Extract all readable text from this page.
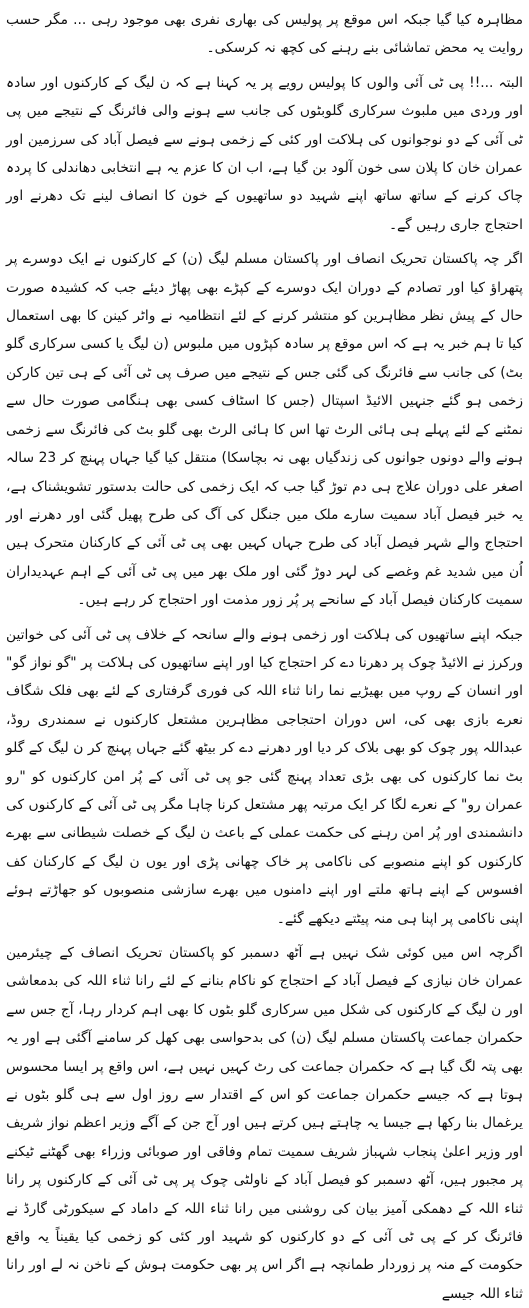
مظاہرہ کیا گیا جبکہ اس موقع پر پولیس کی بھاری نفری بھی موجود رہی ... مگر حسب روایت یہ محض تماشائی بنے رہنے کی کچھ نہ کرسکی۔

البتہ ...!! پی ٹی آئی والوں کا پولیس رویے پر یہ کہنا ہے کہ ن لیگ کے کارکنوں اور سادہ اور وردی میں ملبوث سرکاری گلوبٹوں کی جانب سے ہونے والی فائرنگ کے نتیجے میں پی ٹی آئی کے دو نوجوانوں کی ہلاکت اور کئی کے زخمی ہونے سے فیصل آباد کی سرزمین اور عمران خان کا پلان سی خون آلود بن گیا ہے، اب ان کا عزم یہ ہے انتخابی دھاندلی کا پردہ چاک کرنے کے ساتھ ساتھ اپنے شہید دو ساتھیوں کے خون کا انصاف لینے تک دھرنے اور احتجاج جاری رہیں گے۔

اگر چہ پاکستان تحریک انصاف اور پاکستان مسلم لیگ (ن) کے کارکنوں نے ایک دوسرے پر پتھراؤ کیا اور تصادم کے دوران ایک دوسرے کے کپڑے بھی پھاڑ دیئے جب کہ کشیدہ صورت حال کے پیش نظر مظاہرین کو منتشر کرنے کے لئے انتظامیہ نے واٹر کینن کا بھی استعمال کیا تا ہم خبر یہ ہے کہ اس موقع پر سادہ کپڑوں میں ملبوس (ن لیگ یا کسی سرکاری گلو بٹ) کی جانب سے فائرنگ کی گئی جس کے نتیجے میں صرف پی ٹی آئی کے ہی تین کارکن زخمی ہو گئے جنہیں الائیڈ اسپتال (جس کا اسٹاف کسی بھی ہنگامی صورت حال سے نمٹنے کے لئے پہلے ہی ہائی الرٹ تھا اس کا ہائی الرٹ بھی گلو بٹ کی فائرنگ سے زخمی ہونے والے دونوں جوانوں کی زندگیاں بھی نہ بچاسکا) منتقل کیا گیا جہاں پہنچ کر 23 سالہ اصغر علی دوران علاج ہی دم توڑ گیا جب کہ ایک زخمی کی حالت بدستور تشویشناک ہے، یہ خبر فیصل آباد سمیت سارے ملک میں جنگل کی آگ کی طرح پھیل گئی اور دھرنے اور احتجاج والے شہر فیصل آباد کی طرح جہاں کہیں بھی پی ٹی آئی کے کارکنان متحرک ہیں اُن میں شدید غم وغصے کی لہر دوڑ گئی اور ملک بھر میں پی ٹی آئی کے اہم عہدیداران سمیت کارکنان فیصل آباد کے سانحے پر پُر زور مذمت اور احتجاج کر رہے ہیں۔

جبکہ اپنے ساتھیوں کی ہلاکت اور زخمی ہونے والے سانحہ کے خلاف پی ٹی آئی کی خواتین ورکرز نے الائیڈ چوک پر دھرنا دے کر احتجاج کیا اور اپنے ساتھیوں کی ہلاکت پر "گو نواز گو" اور انسان کے روپ میں بھیڑیے نما رانا ثناء اللہ کی فوری گرفتاری کے لئے بھی فلک شگاف نعرے بازی بھی کی، اس دوران احتجاجی مظاہرین مشتعل کارکنوں نے سمندری روڈ، عبداللہ پور چوک کو بھی بلاک کر دیا اور دھرنے دے کر بیٹھ گئے جہاں پہنچ کر ن لیگ کے گلو بٹ نما کارکنوں کی بھی بڑی تعداد پہنچ گئی جو پی ٹی آئی کے پُر امن کارکنوں کو "رو عمران رو" کے نعرے لگا کر ایک مرتبہ پھر مشتعل کرنا چاہا مگر پی ٹی آئی کے کارکنوں کی دانشمندی اور پُر امن رہنے کی حکمت عملی کے باعث ن لیگ کے خصلت شیطانی سے بھرے کارکنوں کو اپنے منصوبے کی ناکامی پر خاک چھانی پڑی اور یوں ن لیگ کے کارکنان کف افسوس کے اپنے ہاتھ ملتے اور اپنے دامنوں میں بھرے سازشی منصوبوں کو جھاڑتے ہوئے اپنی ناکامی پر اپنا ہی منہ پیٹتے دیکھے گئے۔

اگرچہ اس میں کوئی شک نہیں ہے آٹھ دسمبر کو پاکستان تحریک انصاف کے چیئرمین عمران خان نیازی کے فیصل آباد کے احتجاج کو ناکام بنانے کے لئے رانا ثناء اللہ کی بدمعاشی اور ن لیگ کے کارکنوں کی شکل میں سرکاری گلو بٹوں کا بھی اہم کردار رہا، آج جس سے حکمران جماعت پاکستان مسلم لیگ (ن) کی بدحواسی بھی کھل کر سامنے آگئی ہے اور یہ بھی پتہ لگ گیا ہے کہ حکمران جماعت کی رٹ کہیں نہیں ہے، اس واقع پر ایسا محسوس ہوتا ہے کہ جیسے حکمران جماعت کو اس کے اقتدار سے روز اول سے ہی گلو بٹوں نے یرغمال بنا رکھا ہے جیسا یہ چاہتے ہیں کرتے ہیں اور آج جن کے آگے وزیر اعظم نواز شریف اور وزیر اعلیٰ پنجاب شہباز شریف سمیت تمام وفاقی اور صوبائی وزراء بھی گھٹنے ٹیکنے پر مجبور ہیں، آٹھ دسمبر کو فیصل آباد کے ناولٹی چوک پر پی ٹی آئی کے کارکنوں پر رانا ثناء اللہ کے دھمکی آمیز بیان کی روشنی میں رانا ثناء اللہ کے داماد کے سیکورٹی گارڈ نے فائرنگ کر کے پی ٹی آئی کے دو کارکنوں کو شہید اور کئی کو زخمی کیا یقیناً یہ واقع حکومت کے منہ پر زوردار طمانچہ ہے اگر اس پر بھی حکومت ہوش کے ناخن نہ لے اور رانا ثناء اللہ جیسے
